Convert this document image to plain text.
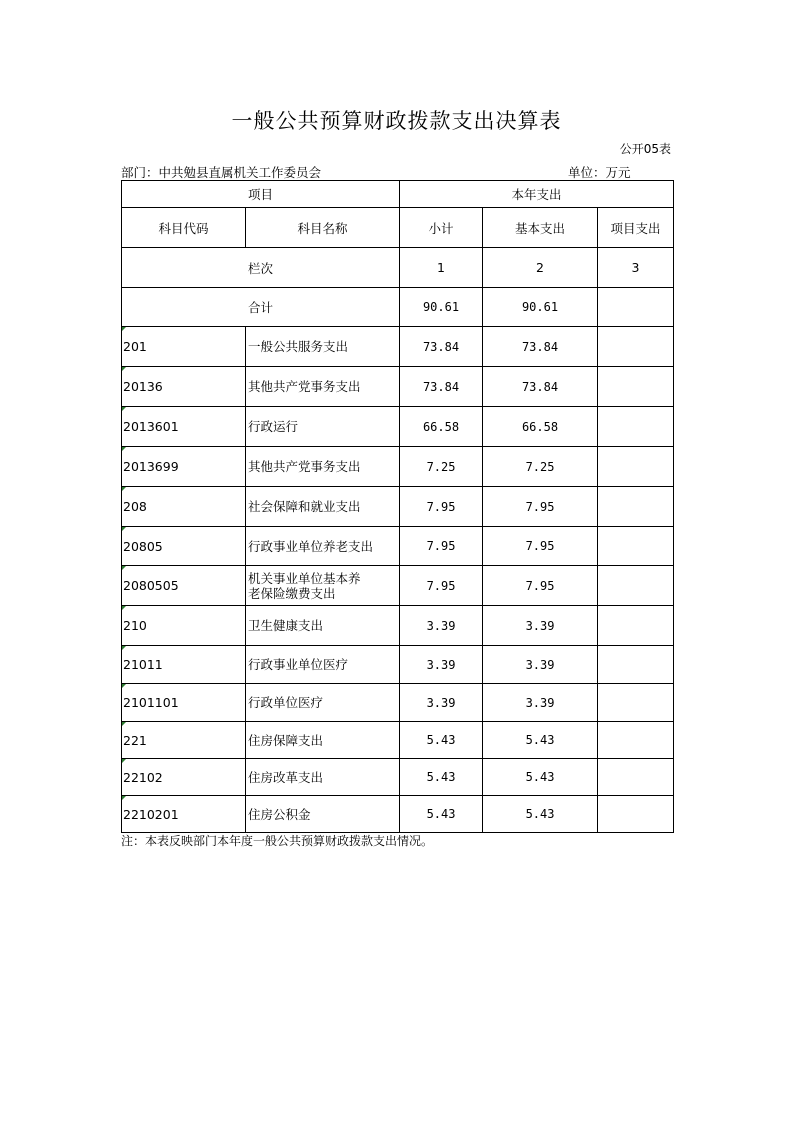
一般公共预算财政拨款支出决算表
公开05表
部门：中共勉县直属机关工作委员会	单位：万元
项目		本年支出		
科目代码	科目名称	小计	基本支出	项目支出
栏次		1	2	3
合计		90.61	90.61	

201	一般公共服务支出	73.84	73.84	

20136	其他共产党事务支出	73.84	73.84	

2013601	行政运行	66.58	66.58	

2013699	其他共产党事务支出	7.25	7.25	

208	社会保障和就业支出	7.95	7.95	

20805	行政事业单位养老支出	7.95	7.95	

2080505	机关事业单位基本养老保险缴费支出	7.95	7.95	

210	卫生健康支出	3.39	3.39	

21011	行政事业单位医疗	3.39	3.39	

2101101	行政单位医疗	3.39	3.39	

221	住房保障支出	5.43	5.43	

22102	住房改革支出	5.43	5.43	

2210201	住房公积金	5.43	5.43	
注：本表反映部门本年度一般公共预算财政拨款支出情况。
